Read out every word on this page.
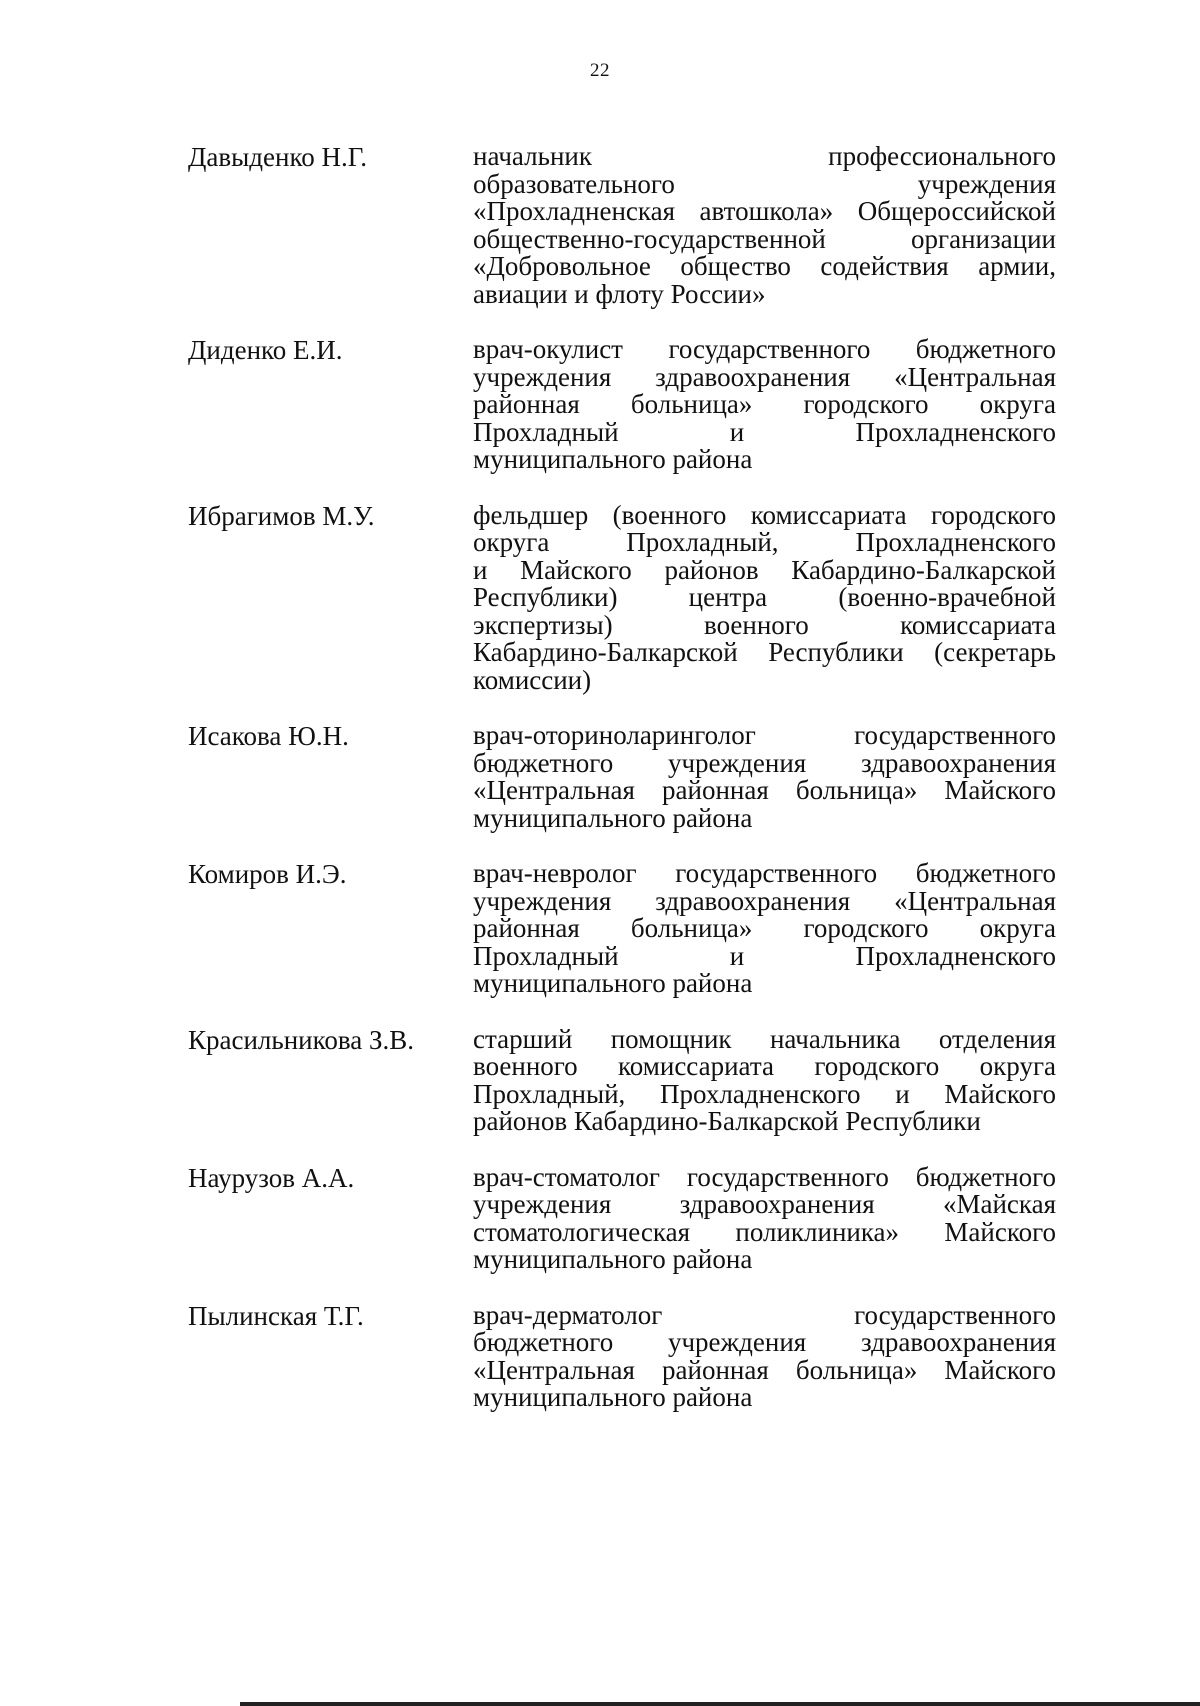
22
Давыденко Н.Г.	начальник профессионального
образовательного учреждения
«Прохладненская автошкола» Общероссийской
общественно-государственной организации
«Добровольное общество содействия армии,
авиации и флоту России»
Диденко Е.И.	врач-окулист государственного бюджетного
учреждения здравоохранения «Центральная
районная больница» городского округа
Прохладный и Прохладненского
муниципального района
Ибрагимов М.У.	фельдшер (военного комиссариата городского
округа Прохладный, Прохладненского
и Майского районов Кабардино-Балкарской
Республики) центра (военно-врачебной
экспертизы) военного комиссариата
Кабардино-Балкарской Республики (секретарь
комиссии)
Исакова Ю.Н.	врач-оториноларинголог государственного
бюджетного учреждения здравоохранения
«Центральная районная больница» Майского
муниципального района
Комиров И.Э.	врач-невролог государственного бюджетного
учреждения здравоохранения «Центральная
районная больница» городского округа
Прохладный и Прохладненского
муниципального района
Красильникова З.В.	старший помощник начальника отделения
военного комиссариата городского округа
Прохладный, Прохладненского и Майского
районов Кабардино-Балкарской Республики
Наурузов А.А.	врач-стоматолог государственного бюджетного
учреждения здравоохранения «Майская
стоматологическая поликлиника» Майского
муниципального района
Пылинская Т.Г.	врач-дерматолог государственного
бюджетного учреждения здравоохранения
«Центральная районная больница» Майского
муниципального района
